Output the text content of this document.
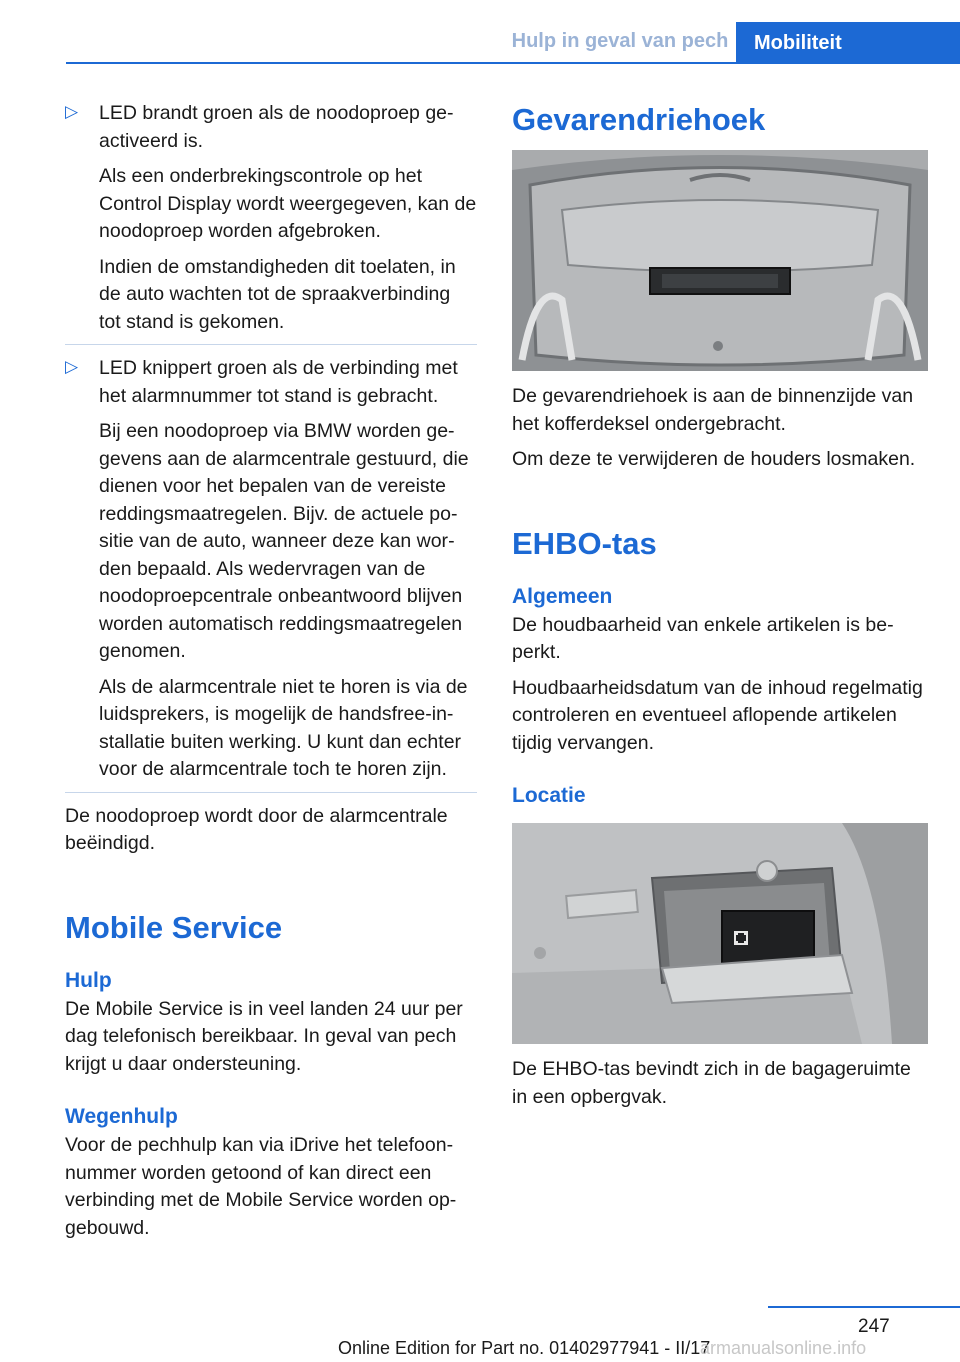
Hulp in geval van pech	Mobiliteit
▷ LED brandt groen als de noodoproep geactiveerd is.

Als een onderbrekingscontrole op het Control Display wordt weergegeven, kan de noodoproep worden afgebroken.

Indien de omstandigheden dit toelaten, in de auto wachten tot de spraakverbinding tot stand is gekomen.

▷ LED knippert groen als de verbinding met het alarmnummer tot stand is gebracht.

Bij een noodoproep via BMW worden gegevens aan de alarmcentrale gestuurd, die dienen voor het bepalen van de vereiste reddingsmaatregelen. Bijv. de actuele positie van de auto, wanneer deze kan worden bepaald. Als wedervragen van de noodoproepcentrale onbeantwoord blijven worden automatisch reddingsmaatregelen genomen.

Als de alarmcentrale niet te horen is via de luidsprekers, is mogelijk de handsfree-installatie buiten werking. U kunt dan echter voor de alarmcentrale toch te horen zijn.

De noodoproep wordt door de alarmcentrale beëindigd.

Mobile Service
Hulp

De Mobile Service is in veel landen 24 uur per dag telefonisch bereikbaar. In geval van pech krijgt u daar ondersteuning.

Wegenhulp

Voor de pechhulp kan via iDrive het telefoonnummer worden getoond of kan direct een verbinding met de Mobile Service worden opgebouwd.

Gevarendriehoek

De gevarendriehoek is aan de binnenzijde van het kofferdeksel ondergebracht.

Om deze te verwijderen de houders losmaken.

EHBO-tas
Algemeen

De houdbaarheid van enkele artikelen is beperkt.

Houdbaarheidsdatum van de inhoud regelmatig controleren en eventueel aflopende artikelen tijdig vervangen.

Locatie

De EHBO-tas bevindt zich in de bagageruimte in een opbergvak.

247
Online Edition for Part no. 01402977941 - II/17
armanualsonline.info
